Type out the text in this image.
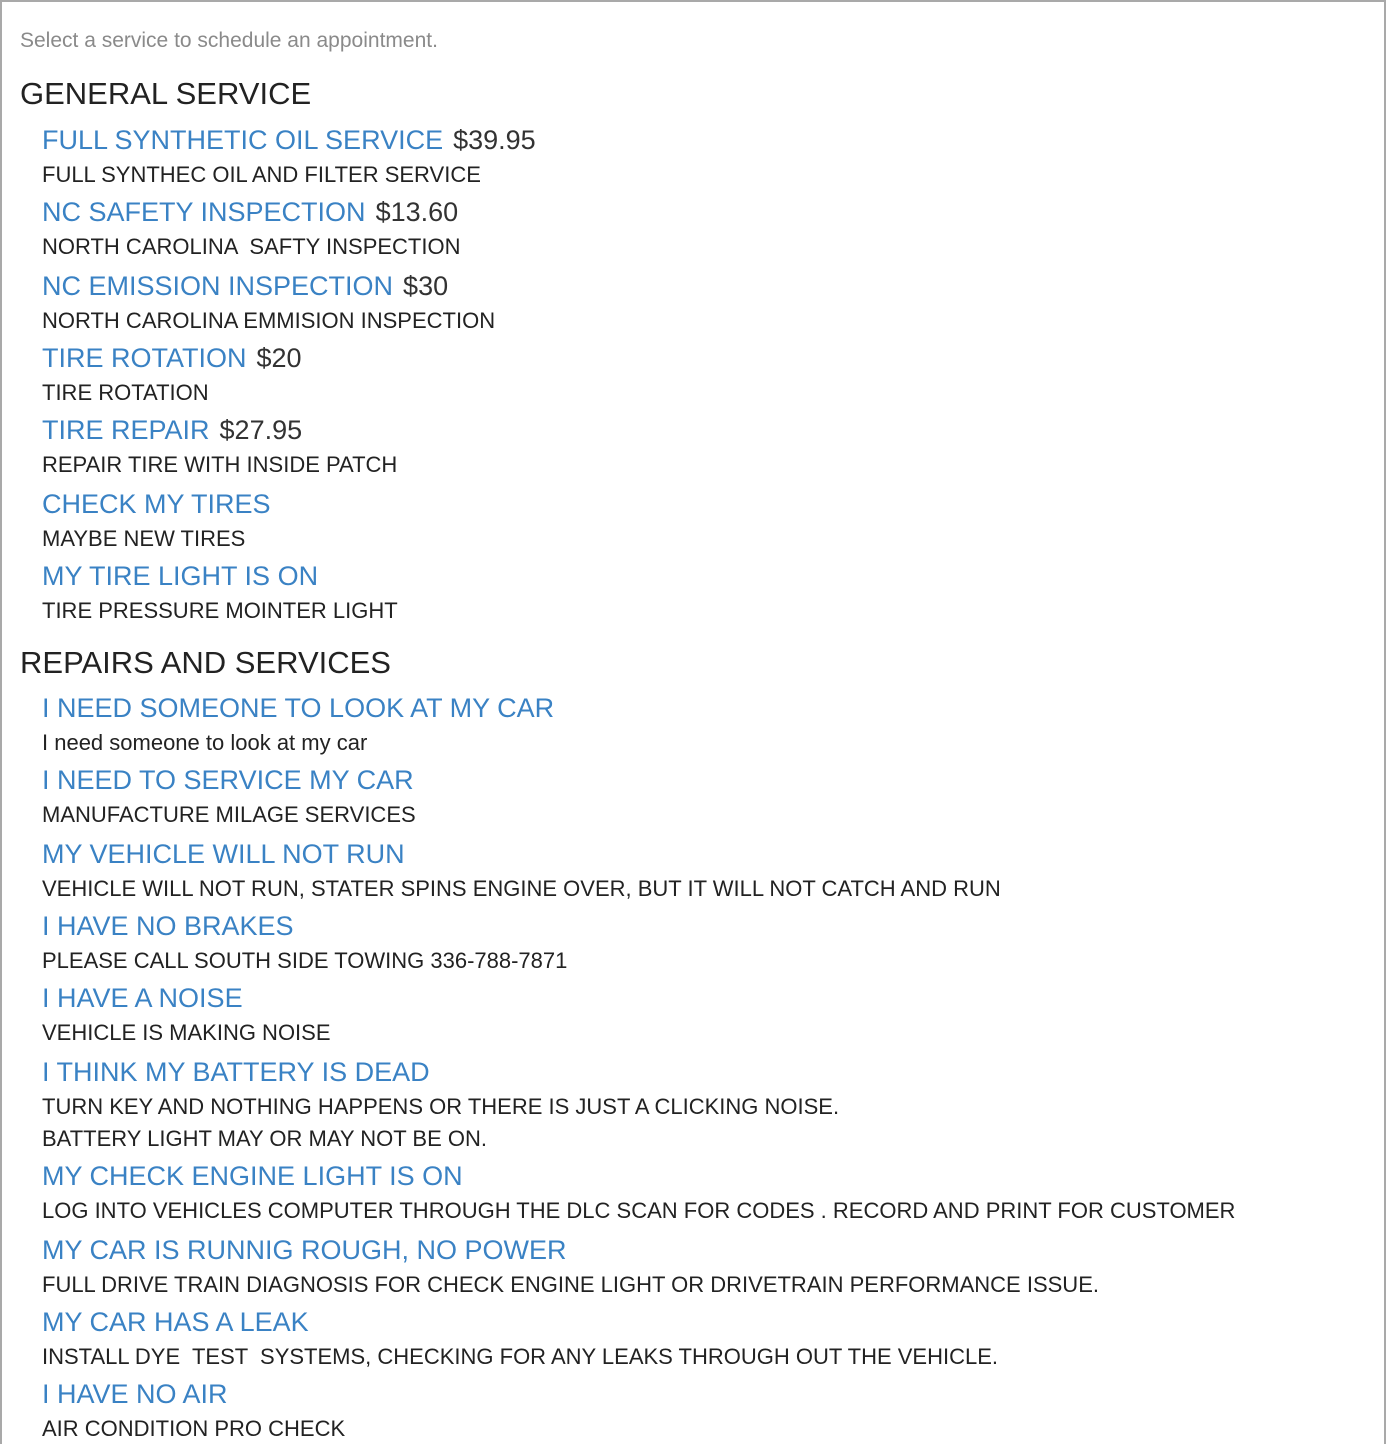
Select a service to schedule an appointment.
GENERAL SERVICE
FULL SYNTHETIC OIL SERVICE $39.95
FULL SYNTHEC OIL AND FILTER SERVICE
NC SAFETY INSPECTION $13.60
NORTH CAROLINA  SAFTY INSPECTION
NC EMISSION INSPECTION $30
NORTH CAROLINA EMMISION INSPECTION
TIRE ROTATION $20
TIRE ROTATION
TIRE REPAIR $27.95
REPAIR TIRE WITH INSIDE PATCH
CHECK MY TIRES
MAYBE NEW TIRES
MY TIRE LIGHT IS ON
TIRE PRESSURE MOINTER LIGHT
REPAIRS AND SERVICES
I NEED SOMEONE TO LOOK AT MY CAR
I need someone to look at my car
I NEED TO SERVICE MY CAR
MANUFACTURE MILAGE SERVICES
MY VEHICLE WILL NOT RUN
VEHICLE WILL NOT RUN, STATER SPINS ENGINE OVER, BUT IT WILL NOT CATCH AND RUN
I HAVE NO BRAKES
PLEASE CALL SOUTH SIDE TOWING 336-788-7871
I HAVE A NOISE
VEHICLE IS MAKING NOISE
I THINK MY BATTERY IS DEAD
TURN KEY AND NOTHING HAPPENS OR THERE IS JUST A CLICKING NOISE.
BATTERY LIGHT MAY OR MAY NOT BE ON.
MY CHECK ENGINE LIGHT IS ON
LOG INTO VEHICLES COMPUTER THROUGH THE DLC SCAN FOR CODES . RECORD AND PRINT FOR CUSTOMER
MY CAR IS RUNNIG ROUGH, NO POWER
FULL DRIVE TRAIN DIAGNOSIS FOR CHECK ENGINE LIGHT OR DRIVETRAIN PERFORMANCE ISSUE.
MY CAR HAS A LEAK
INSTALL DYE  TEST  SYSTEMS, CHECKING FOR ANY LEAKS THROUGH OUT THE VEHICLE.
I HAVE NO AIR
AIR CONDITION PRO CHECK
